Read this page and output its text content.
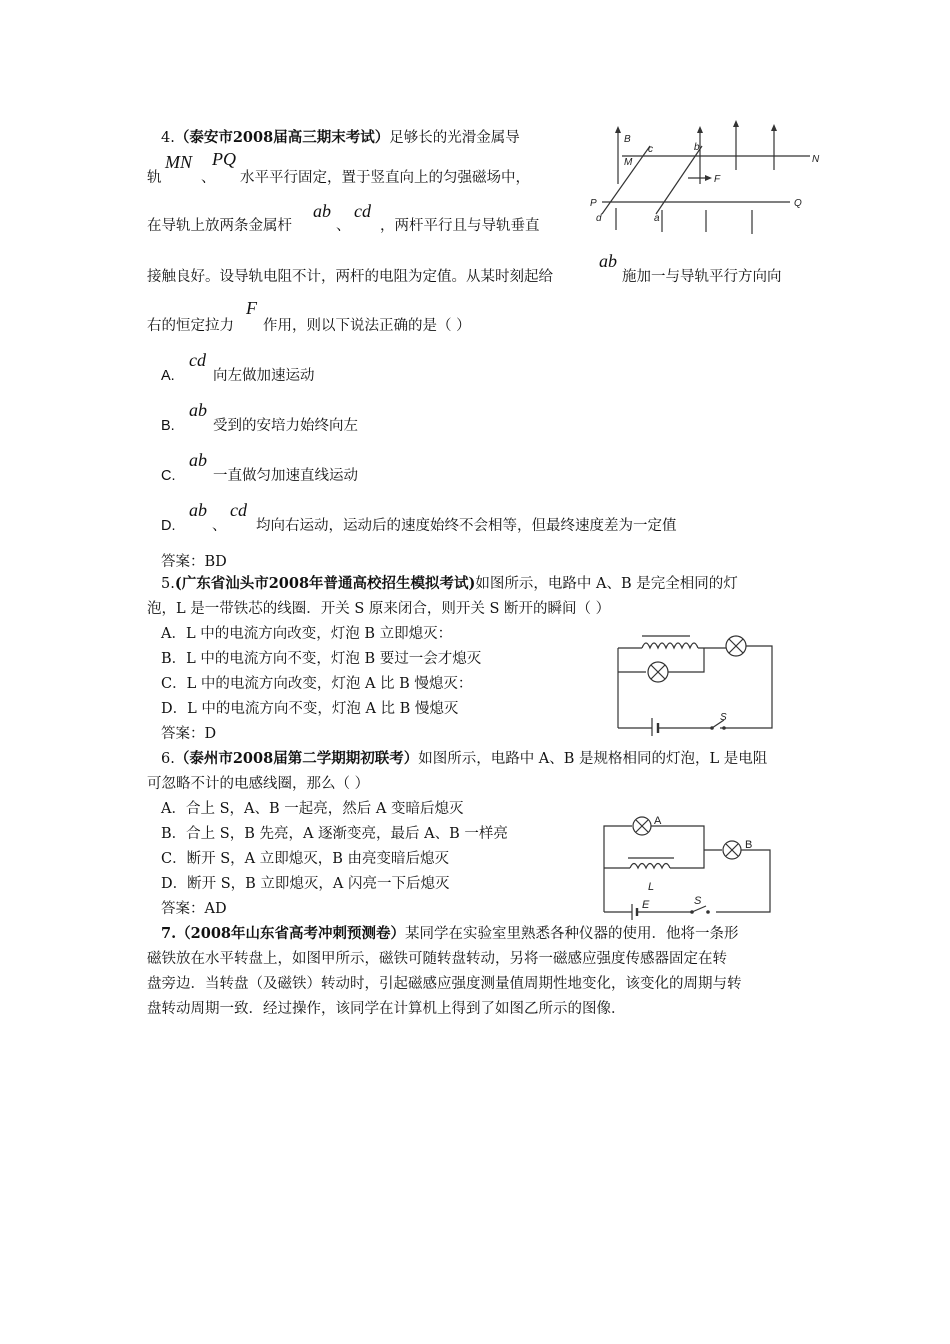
4.（泰安市2008届高三期末考试）足够长的光滑金属导
轨
MN
、
PQ
水平平行固定，置于竖直向上的匀强磁场中，
在导轨上放两条金属杆
ab
、
cd
，两杆平行且与导轨垂直
接触良好。设导轨电阻不计，两杆的电阻为定值。从某时刻起给
ab
施加一与导轨平行方向向
右的恒定拉力
F
作用，则以下说法正确的是（ ）
A.
cd
向左做加速运动
B.
ab
受到的安培力始终向左
C.
ab
一直做匀加速直线运动
D.
ab
、
cd
均向右运动，运动后的速度始终不会相等，但最终速度差为一定值
答案：BD
B
M
c	b
F
N
P
d	a
Q
5.(广东省汕头市2008年普通高校招生模拟考试)如图所示，电路中 A、B 是完全相同的灯
泡，L 是一带铁芯的线圈．开关 S 原来闭合，则开关 S 断开的瞬间（ ）
A．L 中的电流方向改变，灯泡 B 立即熄灭：
B．L 中的电流方向不变，灯泡 B 要过一会才熄灭
C．L 中的电流方向改变，灯泡 A 比 B 慢熄灭：
D．L 中的电流方向不变，灯泡 A 比 B 慢熄灭
答案：D
S
6.（泰州市2008届第二学期期初联考）如图所示，电路中 A、B 是规格相同的灯泡，L 是电阻
可忽略不计的电感线圈，那么（ ）
A．合上 S，A、B 一起亮，然后 A 变暗后熄灭
B．合上 S，B 先亮，A 逐渐变亮，最后 A、B 一样亮
C．断开 S，A 立即熄灭，B 由亮变暗后熄灭
D．断开 S，B 立即熄灭，A 闪亮一下后熄灭
答案：AD
A
B
L
E	S
7.（2008年山东省高考冲刺预测卷）某同学在实验室里熟悉各种仪器的使用．他将一条形
磁铁放在水平转盘上，如图甲所示，磁铁可随转盘转动，另将一磁感应强度传感器固定在转
盘旁边．当转盘（及磁铁）转动时，引起磁感应强度测量值周期性地变化，该变化的周期与转
盘转动周期一致．经过操作，该同学在计算机上得到了如图乙所示的图像．
